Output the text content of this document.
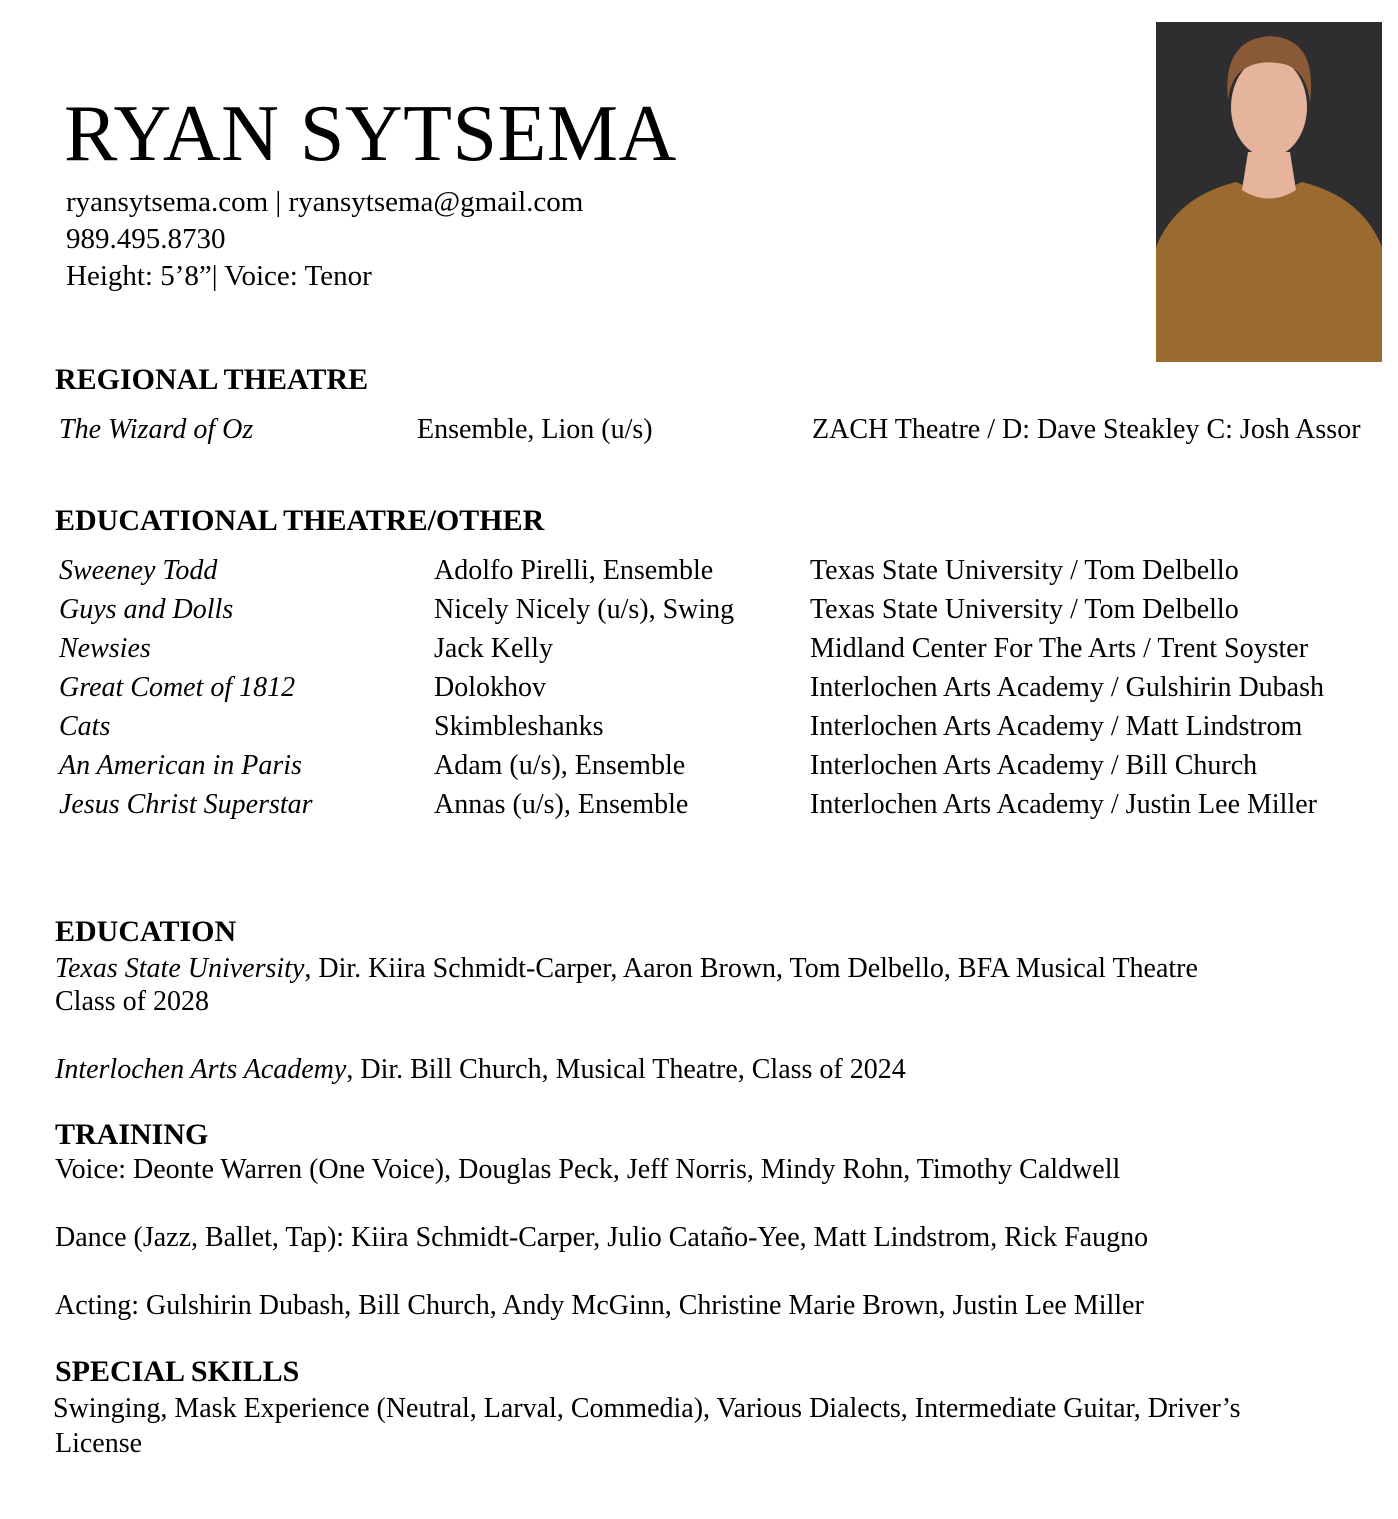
RYAN SYTSEMA
ryansytsema.com | ryansytsema@gmail.com
989.495.8730
Height: 5’8”| Voice: Tenor
REGIONAL THEATRE
The Wizard of Oz	Ensemble, Lion (u/s)	ZACH Theatre / D: Dave Steakley C: Josh Assor
EDUCATIONAL THEATRE/OTHER
Sweeney Todd	Adolfo Pirelli, Ensemble	Texas State University / Tom Delbello
Guys and Dolls	Nicely Nicely (u/s), Swing	Texas State University / Tom Delbello
Newsies	Jack Kelly	Midland Center For The Arts / Trent Soyster
Great Comet of 1812	Dolokhov	Interlochen Arts Academy / Gulshirin Dubash
Cats	Skimbleshanks	Interlochen Arts Academy / Matt Lindstrom
An American in Paris	Adam (u/s), Ensemble	Interlochen Arts Academy / Bill Church
Jesus Christ Superstar	Annas (u/s), Ensemble	Interlochen Arts Academy / Justin Lee Miller
EDUCATION
Texas State University, Dir. Kiira Schmidt-Carper, Aaron Brown, Tom Delbello, BFA Musical Theatre
Class of 2028
Interlochen Arts Academy, Dir. Bill Church, Musical Theatre, Class of 2024
TRAINING
Voice: Deonte Warren (One Voice), Douglas Peck, Jeff Norris, Mindy Rohn, Timothy Caldwell
Dance (Jazz, Ballet, Tap): Kiira Schmidt-Carper, Julio Cataño-Yee, Matt Lindstrom, Rick Faugno
Acting: Gulshirin Dubash, Bill Church, Andy McGinn, Christine Marie Brown, Justin Lee Miller
SPECIAL SKILLS
Swinging, Mask Experience (Neutral, Larval, Commedia), Various Dialects, Intermediate Guitar, Driver’s
License
